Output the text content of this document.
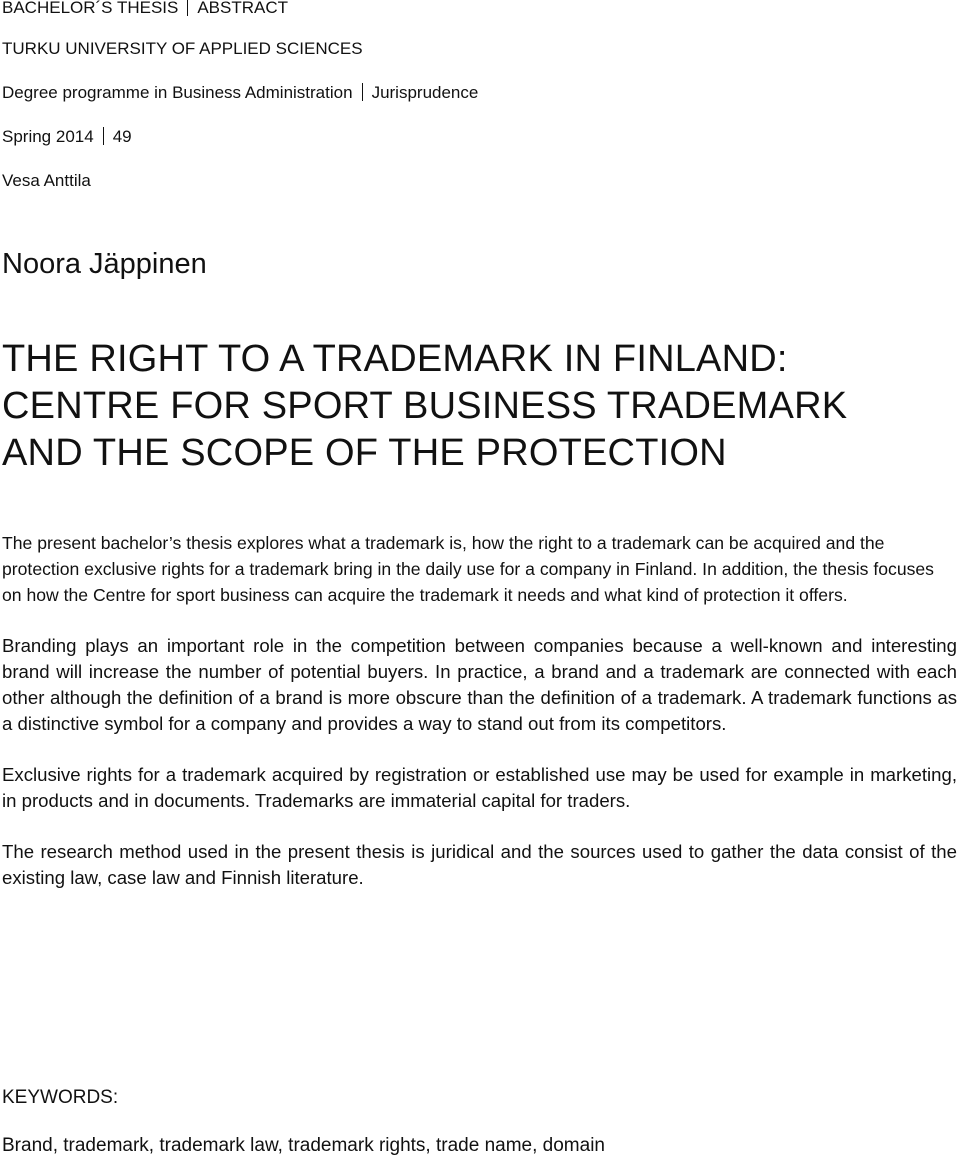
BACHELOR´S THESIS ABSTRACT
TURKU UNIVERSITY OF APPLIED SCIENCES
Degree programme in Business Administration Jurisprudence
Spring 2014 49
Vesa Anttila
Noora Jäppinen
THE RIGHT TO A TRADEMARK IN FINLAND:
CENTRE FOR SPORT BUSINESS TRADEMARK
AND THE SCOPE OF THE PROTECTION

The present bachelor’s thesis explores what a trademark is, how the right to a trademark can be acquired and the protection exclusive rights for a trademark bring in the daily use for a company in Finland. In addition, the thesis focuses on how the Centre for sport business can acquire the trademark it needs and what kind of protection it offers.

Branding plays an important role in the competition between companies because a well-known and interesting brand will increase the number of potential buyers. In practice, a brand and a trademark are connected with each other although the definition of a brand is more obscure than the definition of a trademark. A trademark functions as a distinctive symbol for a company and provides a way to stand out from its competitors.

Exclusive rights for a trademark acquired by registration or established use may be used for example in marketing, in products and in documents. Trademarks are immaterial capital for traders.

The research method used in the present thesis is juridical and the sources used to gather the data consist of the existing law, case law and Finnish literature.

KEYWORDS:
Brand, trademark, trademark law, trademark rights, trade name, domain
